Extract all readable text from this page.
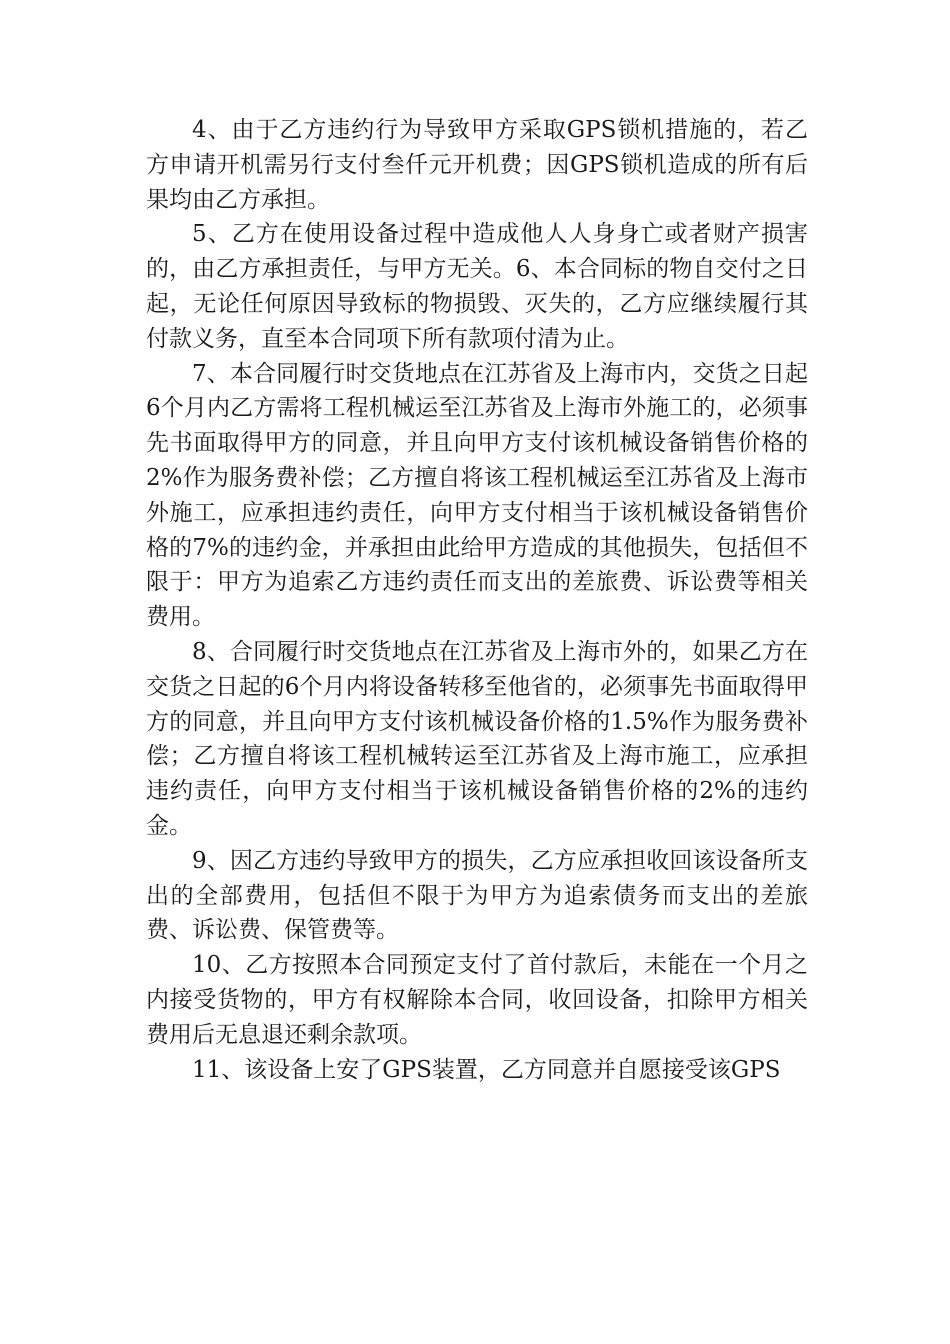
4、由于乙方违约行为导致甲方采取GPS锁机措施的，若乙方申请开机需另行支付叁仟元开机费；因GPS锁机造成的所有后果均由乙方承担。

5、乙方在使用设备过程中造成他人人身身亡或者财产损害的，由乙方承担责任，与甲方无关。6、本合同标的物自交付之日起，无论任何原因导致标的物损毁、灭失的，乙方应继续履行其付款义务，直至本合同项下所有款项付清为止。

7、本合同履行时交货地点在江苏省及上海市内，交货之日起6个月内乙方需将工程机械运至江苏省及上海市外施工的，必须事先书面取得甲方的同意，并且向甲方支付该机械设备销售价格的2%作为服务费补偿；乙方擅自将该工程机械运至江苏省及上海市外施工，应承担违约责任，向甲方支付相当于该机械设备销售价格的7%的违约金，并承担由此给甲方造成的其他损失，包括但不限于：甲方为追索乙方违约责任而支出的差旅费、诉讼费等相关费用。

8、合同履行时交货地点在江苏省及上海市外的，如果乙方在交货之日起的6个月内将设备转移至他省的，必须事先书面取得甲方的同意，并且向甲方支付该机械设备价格的1.5%作为服务费补偿；乙方擅自将该工程机械转运至江苏省及上海市施工，应承担违约责任，向甲方支付相当于该机械设备销售价格的2%的违约金。

9、因乙方违约导致甲方的损失，乙方应承担收回该设备所支出的全部费用，包括但不限于为甲方为追索债务而支出的差旅费、诉讼费、保管费等。

10、乙方按照本合同预定支付了首付款后，未能在一个月之内接受货物的，甲方有权解除本合同，收回设备，扣除甲方相关费用后无息退还剩余款项。

11、该设备上安了GPS装置，乙方同意并自愿接受该GPS
